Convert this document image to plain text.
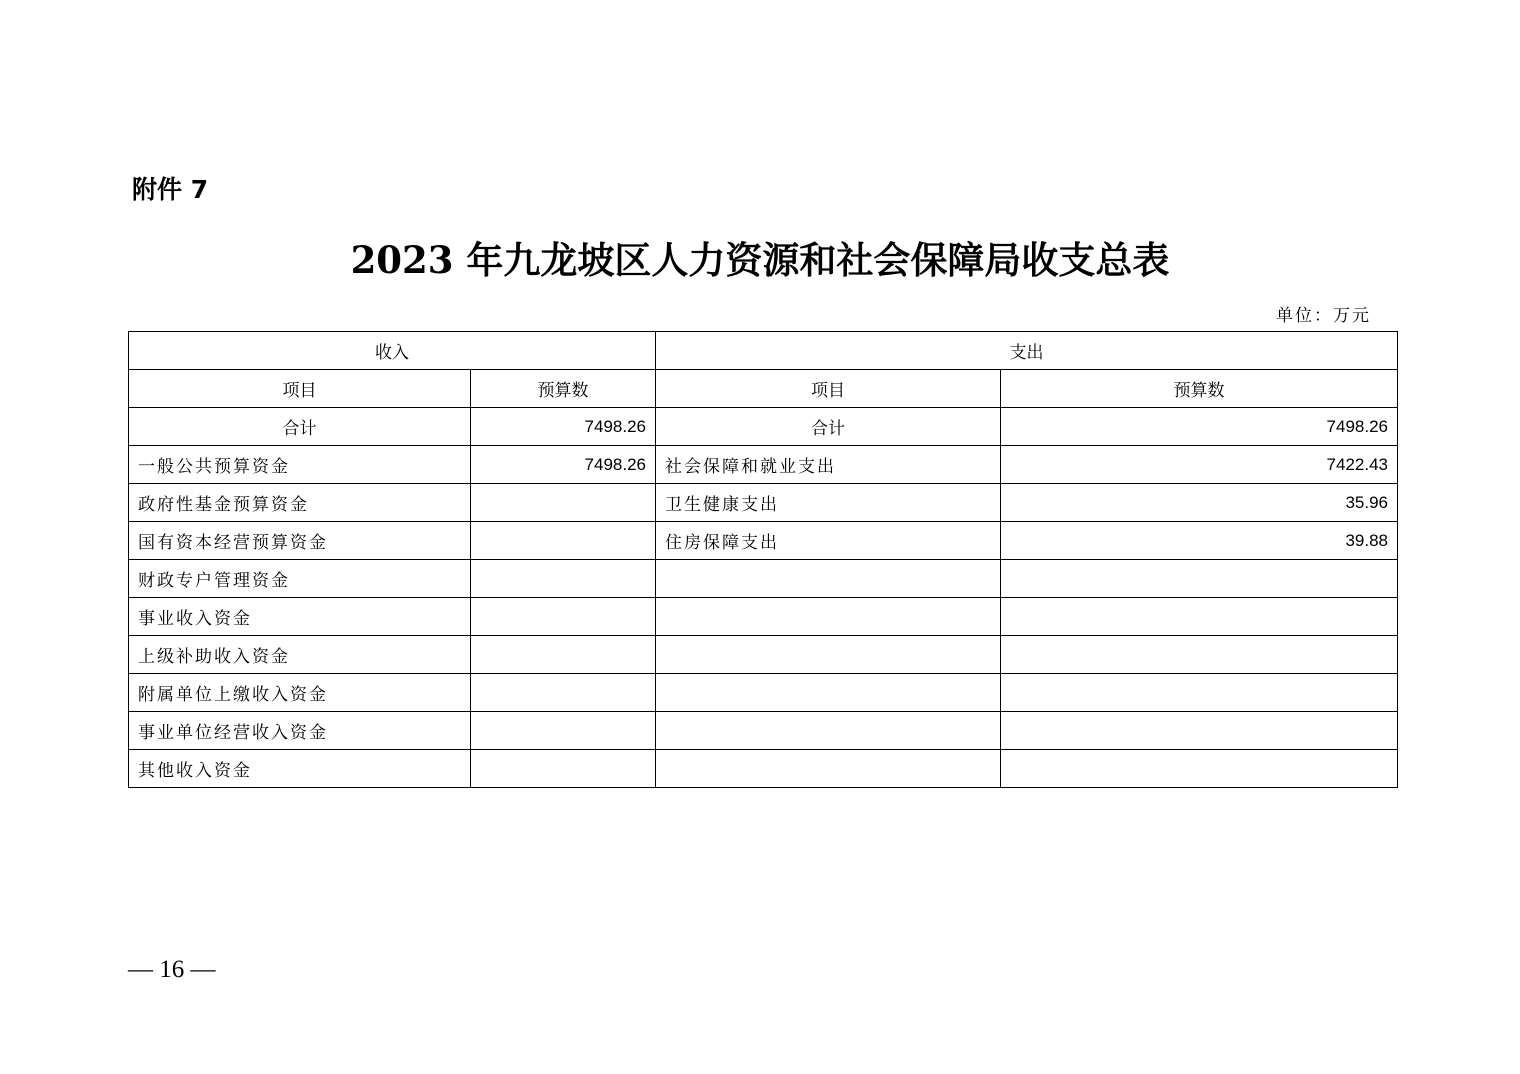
附件 7
2023 年九龙坡区人力资源和社会保障局收支总表
单位：万元
收入		支出	
项目	预算数	项目	预算数
合计	7498.26	合计	7498.26
一般公共预算资金	7498.26	社会保障和就业支出	7422.43
政府性基金预算资金		卫生健康支出	35.96
国有资本经营预算资金		住房保障支出	39.88
财政专户管理资金			
事业收入资金			
上级补助收入资金			
附属单位上缴收入资金			
事业单位经营收入资金			
其他收入资金			
— 16 —
